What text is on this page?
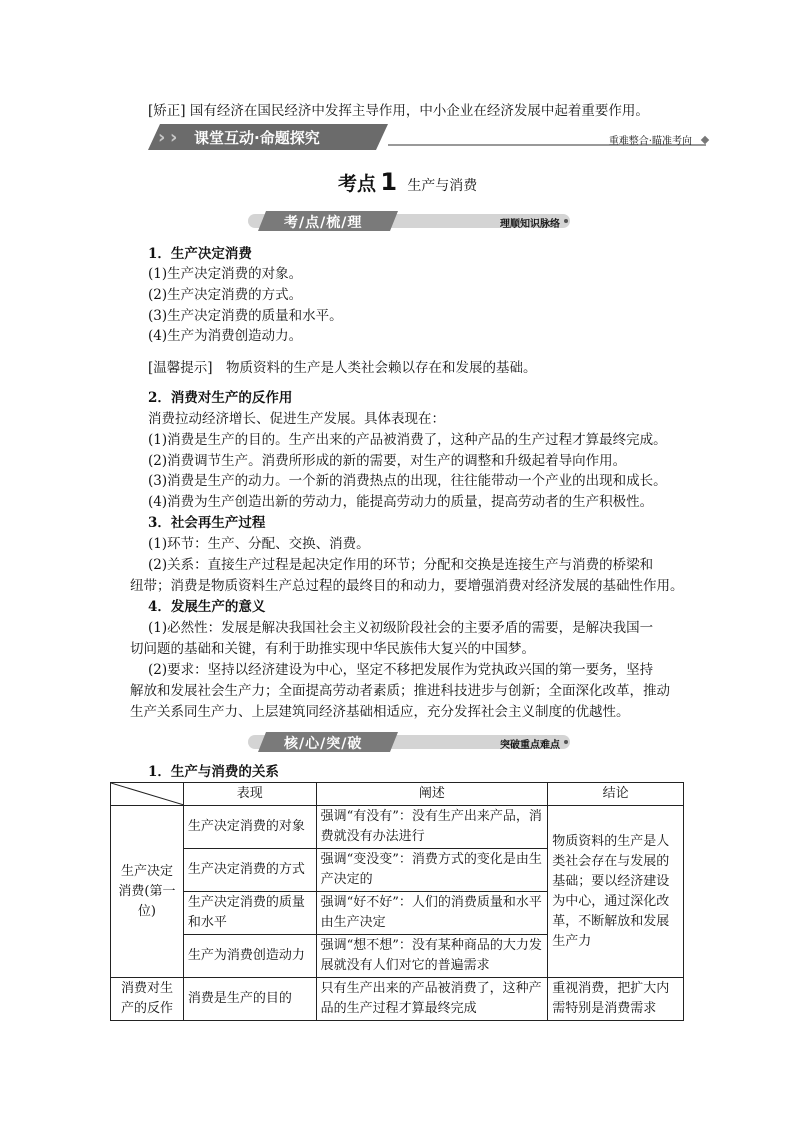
[矫正] 国有经济在国民经济中发挥主导作用，中小企业在经济发展中起着重要作用。
› › 课堂互动·命题探究	重难整合·瞄准考向
考点 1 生产与消费
考/点/梳/理	理顺知识脉络
1．生产决定消费
(1)生产决定消费的对象。
(2)生产决定消费的方式。
(3)生产决定消费的质量和水平。
(4)生产为消费创造动力。
[温馨提示]　物质资料的生产是人类社会赖以存在和发展的基础。
2．消费对生产的反作用
消费拉动经济增长、促进生产发展。具体表现在：
(1)消费是生产的目的。生产出来的产品被消费了，这种产品的生产过程才算最终完成。
(2)消费调节生产。消费所形成的新的需要，对生产的调整和升级起着导向作用。
(3)消费是生产的动力。一个新的消费热点的出现，往往能带动一个产业的出现和成长。
(4)消费为生产创造出新的劳动力，能提高劳动力的质量，提高劳动者的生产积极性。
3．社会再生产过程
(1)环节：生产、分配、交换、消费。
(2)关系：直接生产过程是起决定作用的环节；分配和交换是连接生产与消费的桥梁和
纽带；消费是物质资料生产总过程的最终目的和动力，要增强消费对经济发展的基础性作用。
4．发展生产的意义
(1)必然性：发展是解决我国社会主义初级阶段社会的主要矛盾的需要，是解决我国一
切问题的基础和关键，有利于助推实现中华民族伟大复兴的中国梦。
(2)要求：坚持以经济建设为中心，坚定不移把发展作为党执政兴国的第一要务，坚持
解放和发展社会生产力；全面提高劳动者素质；推进科技进步与创新；全面深化改革，推动
生产关系同生产力、上层建筑同经济基础相适应，充分发挥社会主义制度的优越性。
核/心/突/破	突破重点难点
1．生产与消费的关系
	表现	阐述	结论
生产决定消费(第一位)	生产决定消费的对象	强调“有没有”：没有生产出来产品，消费就没有办法进行	物质资料的生产是人类社会存在与发展的基础；要以经济建设为中心，通过深化改革，不断解放和发展生产力
	生产决定消费的方式	强调“变没变”：消费方式的变化是由生产决定的	
	生产决定消费的质量和水平	强调“好不好”：人们的消费质量和水平由生产决定	
	生产为消费创造动力	强调“想不想”：没有某种商品的大力发展就没有人们对它的普遍需求	
消费对生产的反作	消费是生产的目的	只有生产出来的产品被消费了，这种产品的生产过程才算最终完成	重视消费，把扩大内需特别是消费需求
